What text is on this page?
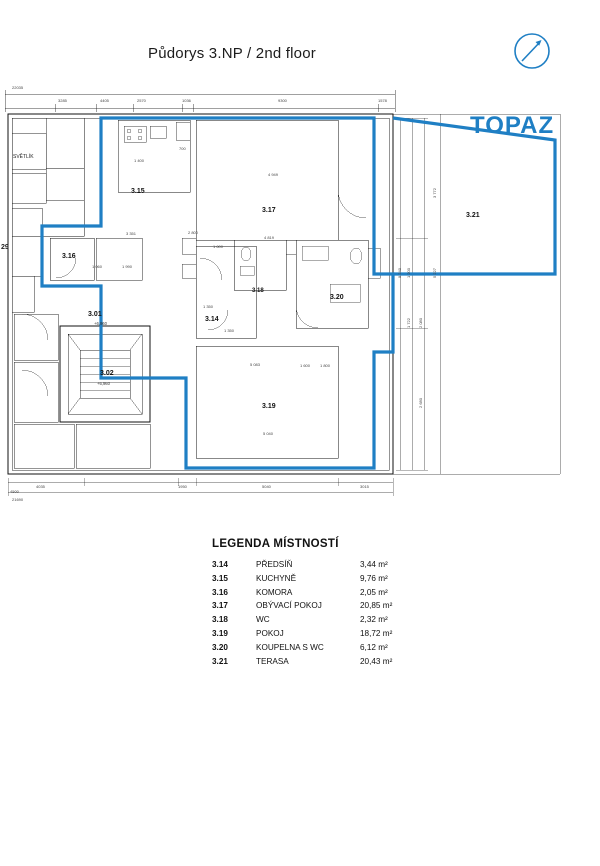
Půdorys 3.NP / 2nd floor
TOPAZ
3.15
3.17
3.16
3.14
3.18
3.20
3.19
3.21
3.01
3.02
SVĚTLÍK
29
+6,960
+6,960
22035
3285	4405	2570	1036	9300	1578
4500
21690
4035	1950	5040	3015
4 949
4 819
5 083
5 040
3 351
1 060	1 990
1 350
1 600 1 800
1 350
2 800
700
1 600
1 400
3 772
5 227
2 080
2 680
1 200
1 722
9 240
LEGENDA MÍSTNOSTÍ
3.14	PŘEDSÍŇ	3,44 m²
3.15	KUCHYNĚ	9,76 m²
3.16	KOMORA	2,05 m²
3.17	OBÝVACÍ POKOJ	20,85 m²
3.18	WC	2,32 m²
3.19	POKOJ	18,72 m²
3.20	KOUPELNA S WC	6,12 m²
3.21	TERASA	20,43 m²
